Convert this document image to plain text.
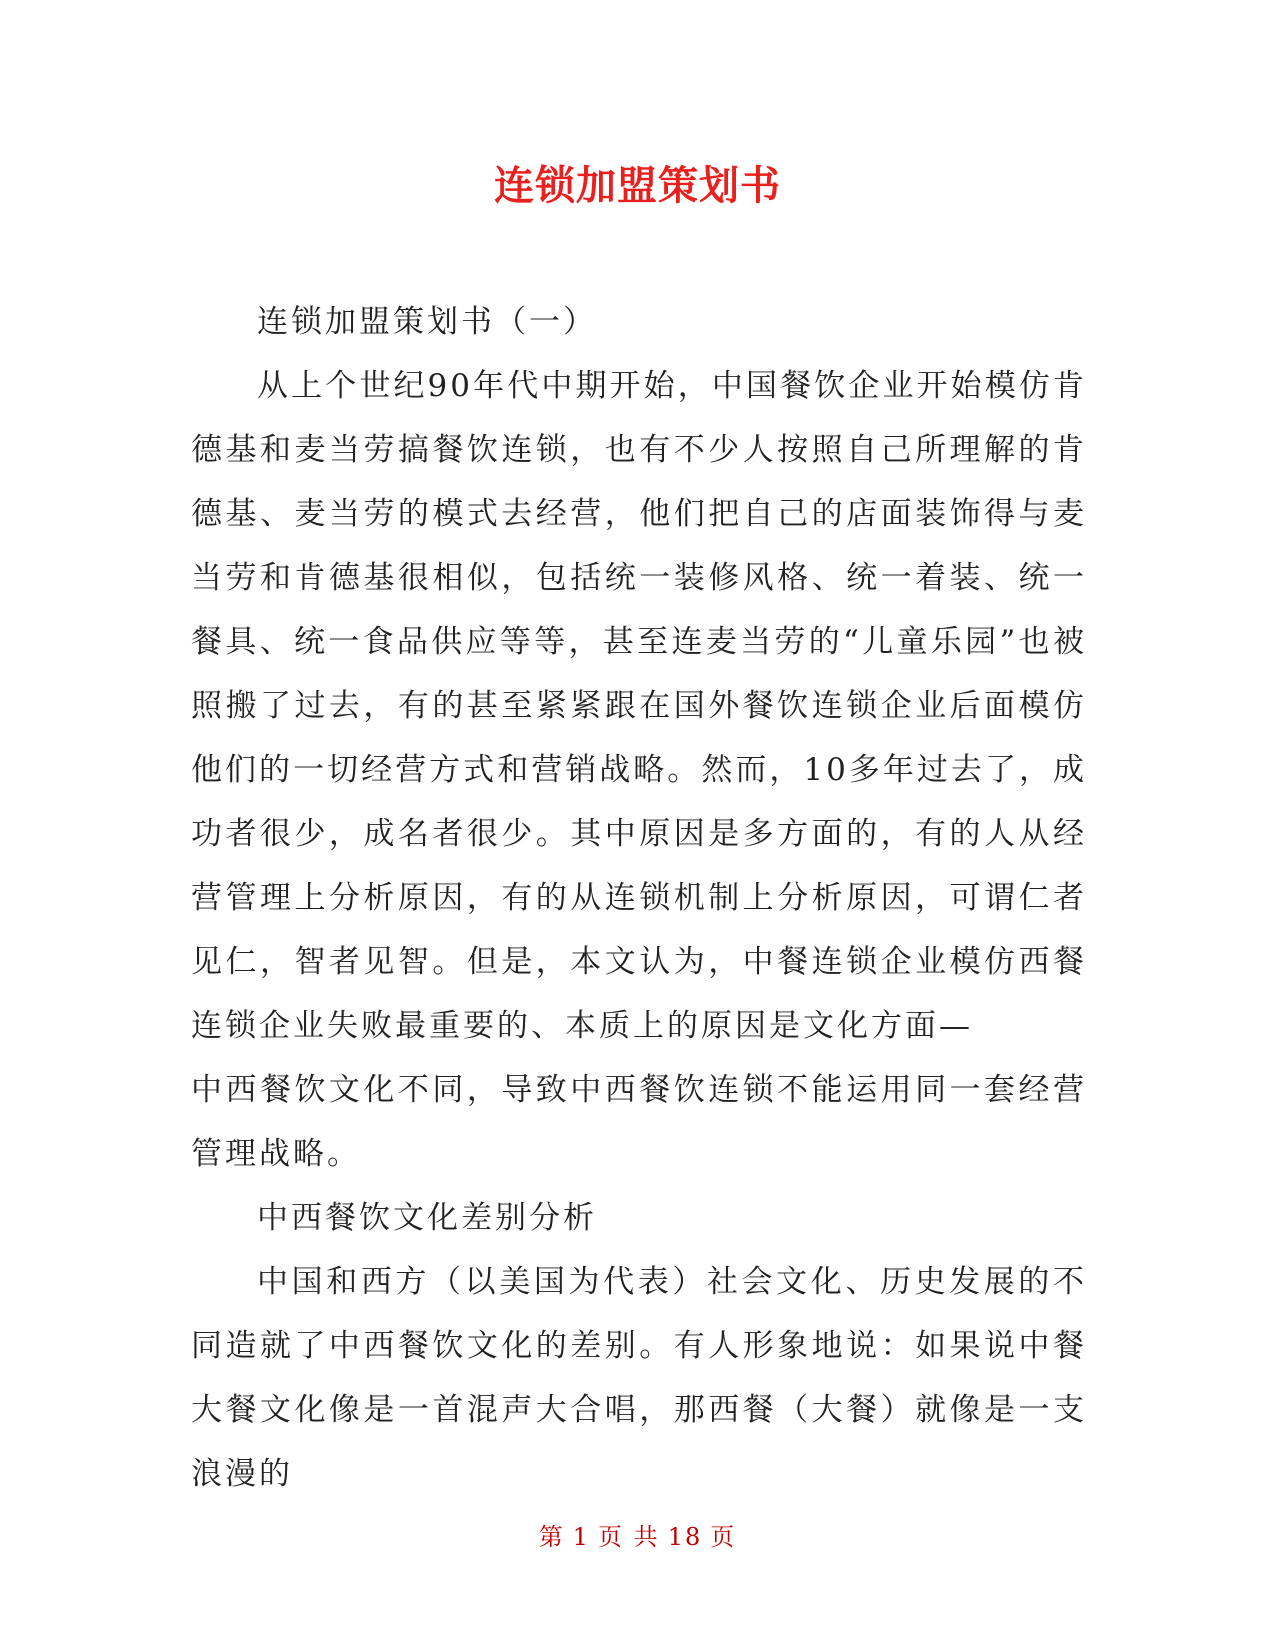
连锁加盟策划书

连锁加盟策划书（一）

从上个世纪90年代中期开始，中国餐饮企业开始模仿肯德基和麦当劳搞餐饮连锁，也有不少人按照自己所理解的肯德基、麦当劳的模式去经营，他们把自己的店面装饰得与麦当劳和肯德基很相似，包括统一装修风格、统一着装、统一餐具、统一食品供应等等，甚至连麦当劳的“儿童乐园”也被照搬了过去，有的甚至紧紧跟在国外餐饮连锁企业后面模仿他们的一切经营方式和营销战略。然而，10多年过去了，成功者很少，成名者很少。其中原因是多方面的，有的人从经营管理上分析原因，有的从连锁机制上分析原因，可谓仁者见仁，智者见智。但是，本文认为，中餐连锁企业模仿西餐连锁企业失败最重要的、本质上的原因是文化方面—

中西餐饮文化不同，导致中西餐饮连锁不能运用同一套经营管理战略。

中西餐饮文化差别分析

中国和西方（以美国为代表）社会文化、历史发展的不同造就了中西餐饮文化的差别。有人形象地说：如果说中餐大餐文化像是一首混声大合唱，那西餐（大餐）就像是一支浪漫的

第 1 页 共 18 页
